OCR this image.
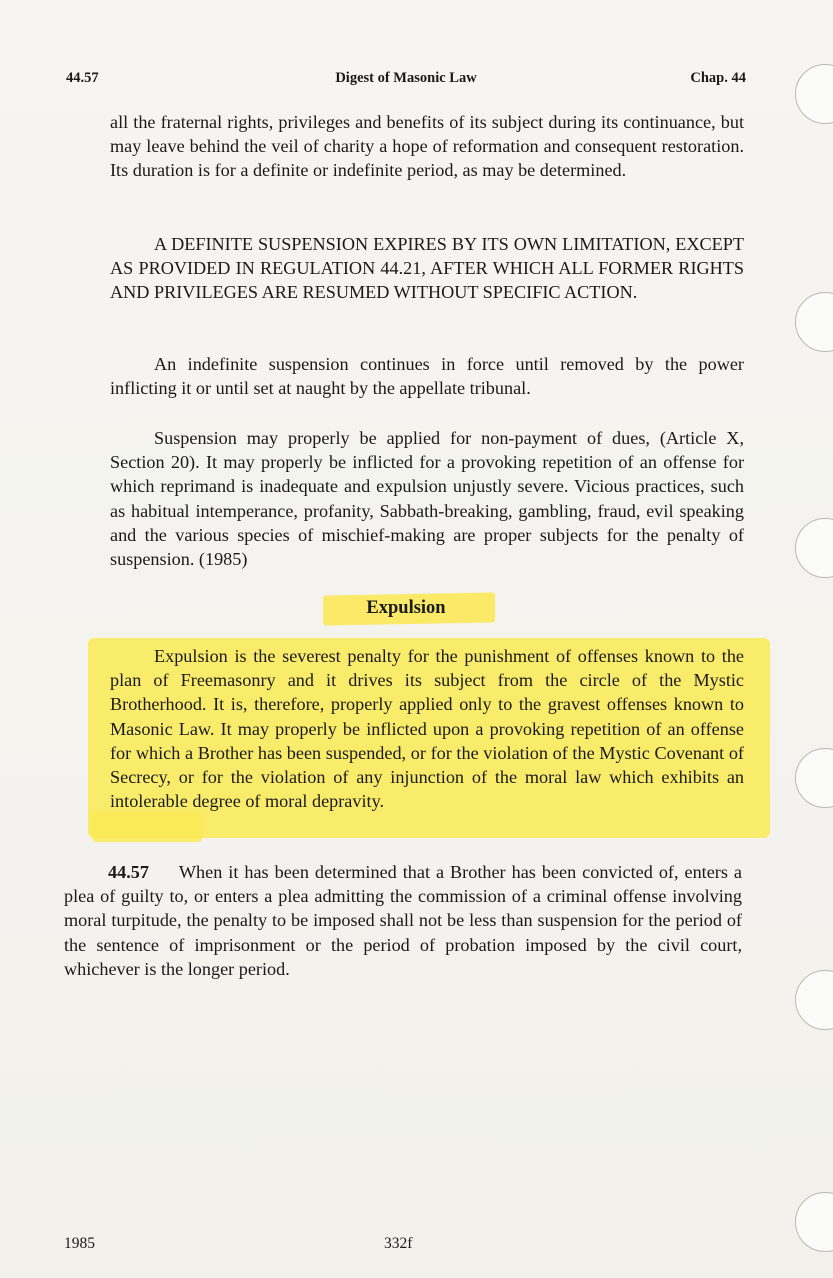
44.57	Digest of Masonic Law	Chap. 44

all the fraternal rights, privileges and benefits of its subject during its continuance, but may leave behind the veil of charity a hope of reformation and consequent restoration. Its duration is for a definite or indefinite period, as may be determined.

A DEFINITE SUSPENSION EXPIRES BY ITS OWN LIMITATION, EXCEPT AS PROVIDED IN REGULATION 44.21, AFTER WHICH ALL FORMER RIGHTS AND PRIVILEGES ARE RESUMED WITHOUT SPECIFIC ACTION.

An indefinite suspension continues in force until removed by the power inflicting it or until set at naught by the appellate tribunal.

Suspension may properly be applied for non-payment of dues, (Article X, Section 20). It may properly be inflicted for a provoking repetition of an offense for which reprimand is inadequate and expulsion unjustly severe. Vicious practices, such as habitual intemperance, profanity, Sabbath-breaking, gambling, fraud, evil speaking and the various species of mischief-making are proper subjects for the penalty of suspension. (1985)

Expulsion

Expulsion is the severest penalty for the punishment of offenses known to the plan of Freemasonry and it drives its subject from the circle of the Mystic Brotherhood. It is, therefore, properly applied only to the gravest offenses known to Masonic Law. It may properly be inflicted upon a provoking repetition of an offense for which a Brother has been suspended, or for the violation of the Mystic Covenant of Secrecy, or for the violation of any injunction of the moral law which exhibits an intolerable degree of moral depravity.

44.57 When it has been determined that a Brother has been convicted of, enters a plea of guilty to, or enters a plea admitting the commission of a criminal offense involving moral turpitude, the penalty to be imposed shall not be less than suspension for the period of the sentence of imprisonment or the period of probation imposed by the civil court, whichever is the longer period.

1985	332f
